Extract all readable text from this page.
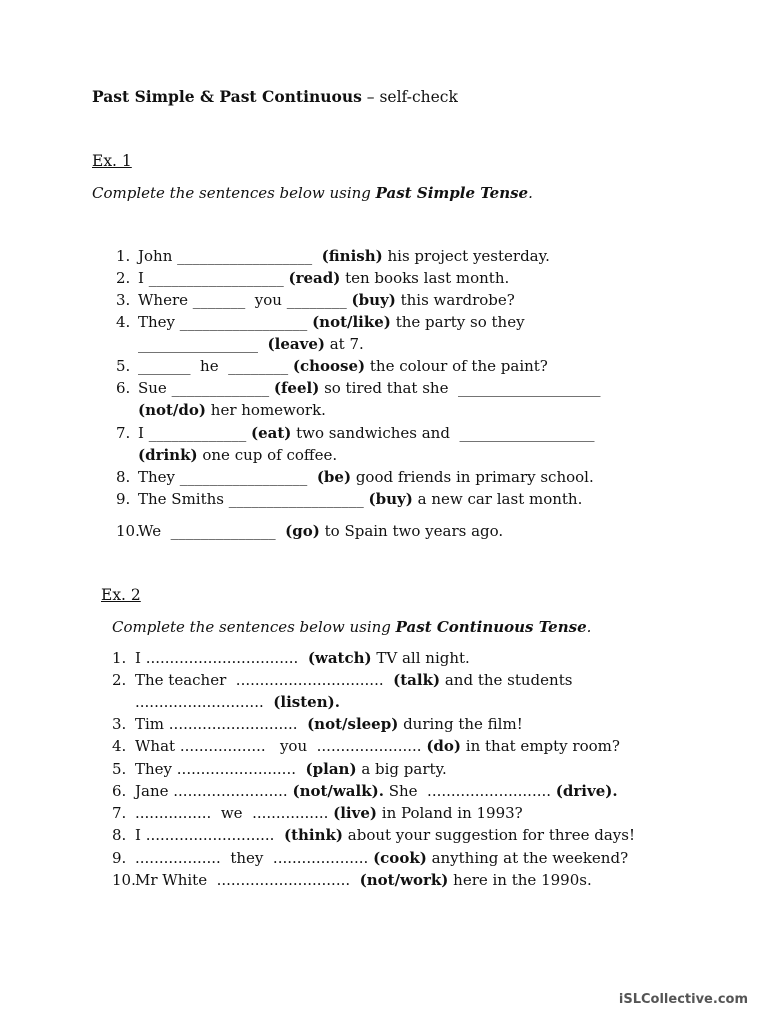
Past Simple & Past Continuous – self-check
Ex. 1
Complete the sentences below using Past Simple Tense.
1. John __________________  (finish) his project yesterday.
2. I __________________ (read) ten books last month.
3. Where _______  you ________ (buy) this wardrobe?
4. They _________________ (not/like) the party so they
________________  (leave) at 7.
5. _______  he  ________ (choose) the colour of the paint?
6. Sue _____________ (feel) so tired that she  ___________________
(not/do) her homework.
7. I _____________ (eat) two sandwiches and  __________________
(drink) one cup of coffee.
8. They _________________  (be) good friends in primary school.
9. The Smiths __________________ (buy) a new car last month.
10.We  ______________  (go) to Spain two years ago.
Ex. 2
Complete the sentences below using Past Continuous Tense.
1. I ................................  (watch) TV all night.
2. The teacher  ...............................  (talk) and the students
...........................  (listen).
3. Tim ...........................  (not/sleep) during the film!
4. What ..................   you  ...................... (do) in that empty room?
5. They .........................  (plan) a big party.
6. Jane ........................ (not/walk). She  .......................... (drive).
7. ................  we  ................ (live) in Poland in 1993?
8. I ...........................  (think) about your suggestion for three days!
9. ..................  they  .................... (cook) anything at the weekend?
10.Mr White  ............................  (not/work) here in the 1990s.
iSLCollective.com
